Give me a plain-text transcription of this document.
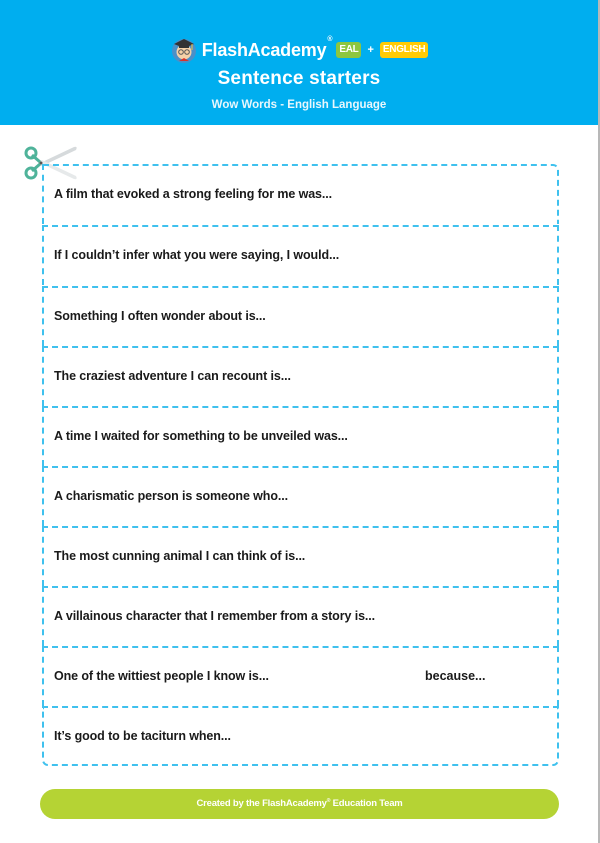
FlashAcademy®
EAL + ENGLISH
Sentence starters
Wow Words - English Language
A film that evoked a strong feeling for me was...
If I couldn’t infer what you were saying, I would...
Something I often wonder about is...
The craziest adventure I can recount is...
A time I waited for something to be unveiled was...
A charismatic person is someone who...
The most cunning animal I can think of is...
A villainous character that I remember from a story is...
One of the wittiest people I know is...	because...
It’s good to be taciturn when...
Created by the FlashAcademy® Education Team
